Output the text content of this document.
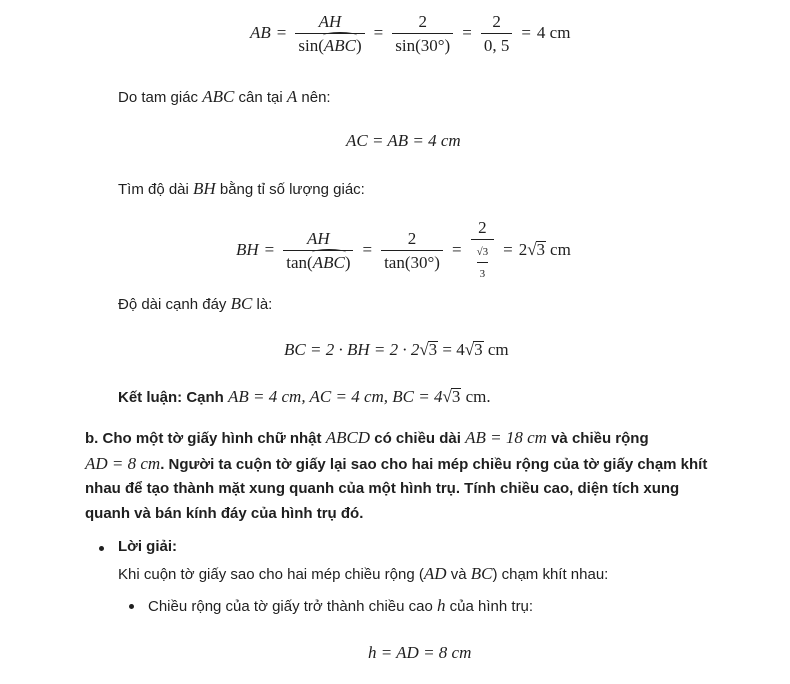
AB = $\frac{AH}{\text{sin(ABC)}} = \frac{2}{\sin(30^\circ)} = \frac{2}{0, 5} = 4$ cm
Do tam giác ABC cân tại A nên:
AC = AB = 4 cm
Tìm độ dài BH bằng tỉ số lượng giác:
BH = $\frac{AH}{\text{tan(ABC)}} = \frac{2}{\tan(30^\circ)} = \frac{2}{\frac{√3}{3}} = 2√3$ cm
Độ dài cạnh đáy BC là:
BC = 2 · BH = 2 · 2√3 = 4√3 cm
Kết luận: Cạnh AB = 4 cm, AC = 4 cm, BC = 4√3 cm.
b. Cho một tờ giấy hình chữ nhật ABCD có chiều dài AB = 18 cm và chiều rộng
AD = 8 cm. Người ta cuộn tờ giấy lại sao cho hai mép chiều rộng của tờ giấy chạm khít
nhau để tạo thành mặt xung quanh của một hình trụ. Tính chiều cao, diện tích xung
quanh và bán kính đáy của hình trụ đó.
Lời giải:
Khi cuộn tờ giấy sao cho hai mép chiều rộng (AD và BC) chạm khít nhau:
Chiều rộng của tờ giấy trở thành chiều cao h của hình trụ:
h = AD = 8 cm
